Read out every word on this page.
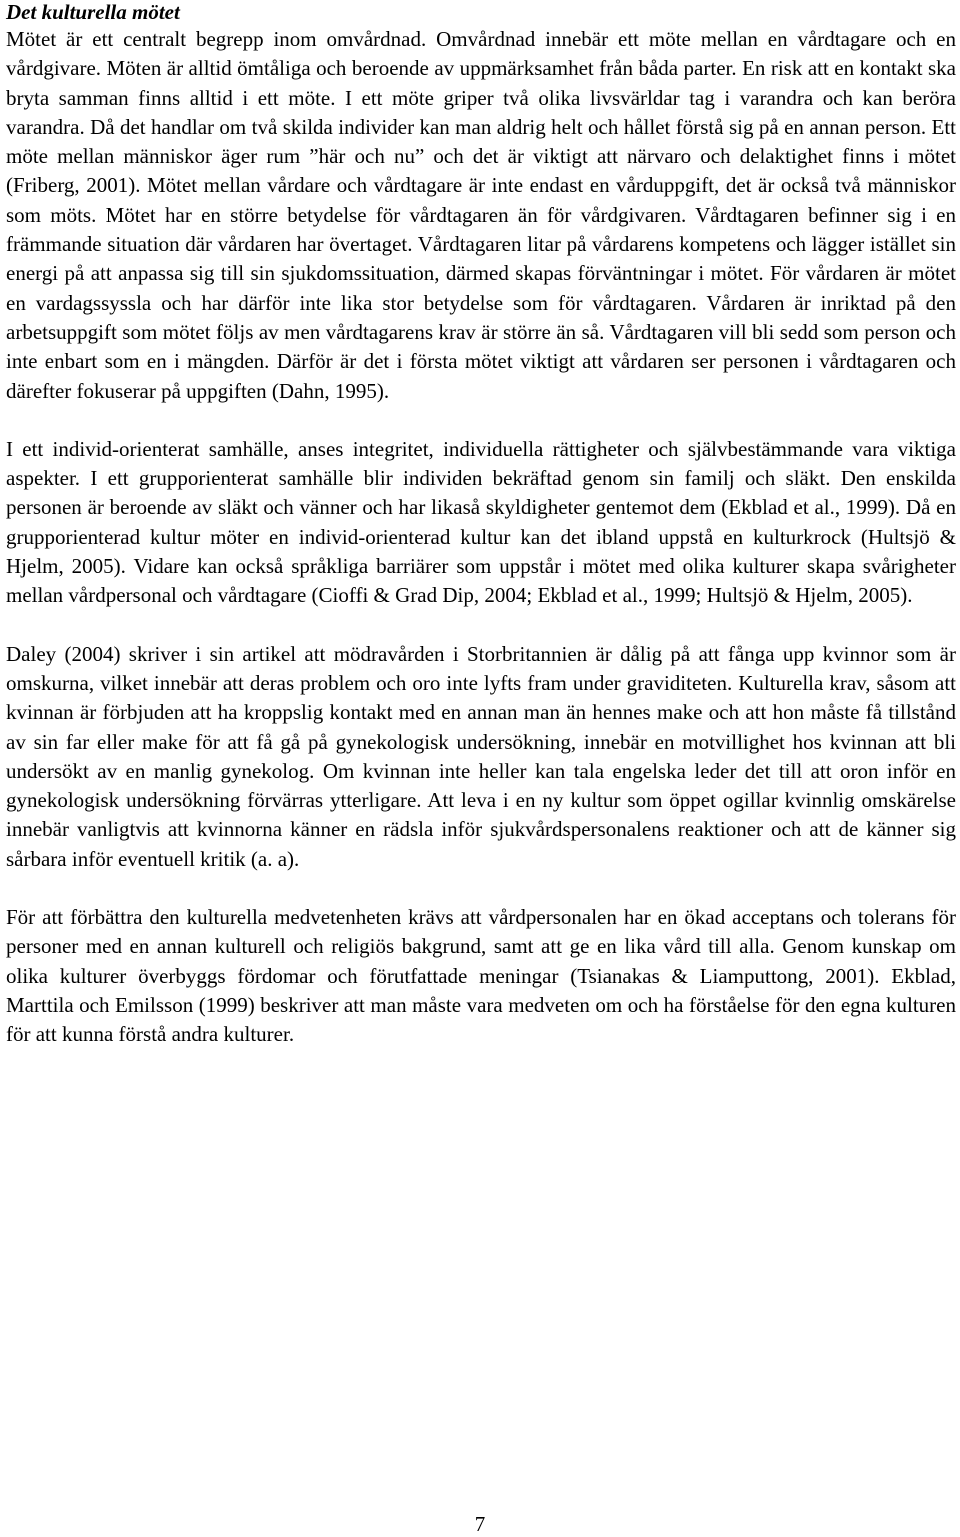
Det kulturella mötet

Mötet är ett centralt begrepp inom omvårdnad. Omvårdnad innebär ett möte mellan en vårdtagare och en vårdgivare. Möten är alltid ömtåliga och beroende av uppmärksamhet från båda parter. En risk att en kontakt ska bryta samman finns alltid i ett möte. I ett möte griper två olika livsvärldar tag i varandra och kan beröra varandra. Då det handlar om två skilda individer kan man aldrig helt och hållet förstå sig på en annan person. Ett möte mellan människor äger rum ”här och nu” och det är viktigt att närvaro och delaktighet finns i mötet (Friberg, 2001). Mötet mellan vårdare och vårdtagare är inte endast en vårduppgift, det är också två människor som möts. Mötet har en större betydelse för vårdtagaren än för vårdgivaren. Vårdtagaren befinner sig i en främmande situation där vårdaren har övertaget. Vårdtagaren litar på vårdarens kompetens och lägger istället sin energi på att anpassa sig till sin sjukdomssituation, därmed skapas förväntningar i mötet. För vårdaren är mötet en vardagssyssla och har därför inte lika stor betydelse som för vårdtagaren. Vårdaren är inriktad på den arbetsuppgift som mötet följs av men vårdtagarens krav är större än så. Vårdtagaren vill bli sedd som person och inte enbart som en i mängden. Därför är det i första mötet viktigt att vårdaren ser personen i vårdtagaren och därefter fokuserar på uppgiften (Dahn, 1995).

I ett individ-orienterat samhälle, anses integritet, individuella rättigheter och självbestämmande vara viktiga aspekter. I ett grupporienterat samhälle blir individen bekräftad genom sin familj och släkt. Den enskilda personen är beroende av släkt och vänner och har likaså skyldigheter gentemot dem (Ekblad et al., 1999). Då en grupporienterad kultur möter en individ-orienterad kultur kan det ibland uppstå en kulturkrock (Hultsjö & Hjelm, 2005). Vidare kan också språkliga barriärer som uppstår i mötet med olika kulturer skapa svårigheter mellan vårdpersonal och vårdtagare (Cioffi & Grad Dip, 2004; Ekblad et al., 1999; Hultsjö & Hjelm, 2005).

Daley (2004) skriver i sin artikel att mödravården i Storbritannien är dålig på att fånga upp kvinnor som är omskurna, vilket innebär att deras problem och oro inte lyfts fram under graviditeten. Kulturella krav, såsom att kvinnan är förbjuden att ha kroppslig kontakt med en annan man än hennes make och att hon måste få tillstånd av sin far eller make för att få gå på gynekologisk undersökning, innebär en motvillighet hos kvinnan att bli undersökt av en manlig gynekolog. Om kvinnan inte heller kan tala engelska leder det till att oron inför en gynekologisk undersökning förvärras ytterligare. Att leva i en ny kultur som öppet ogillar kvinnlig omskärelse innebär vanligtvis att kvinnorna känner en rädsla inför sjukvårdspersonalens reaktioner och att de känner sig sårbara inför eventuell kritik (a. a).

För att förbättra den kulturella medvetenheten krävs att vårdpersonalen har en ökad acceptans och tolerans för personer med en annan kulturell och religiös bakgrund, samt att ge en lika vård till alla. Genom kunskap om olika kulturer överbyggs fördomar och förutfattade meningar (Tsianakas & Liamputtong, 2001). Ekblad, Marttila och Emilsson (1999) beskriver att man måste vara medveten om och ha förståelse för den egna kulturen för att kunna förstå andra kulturer.

7
